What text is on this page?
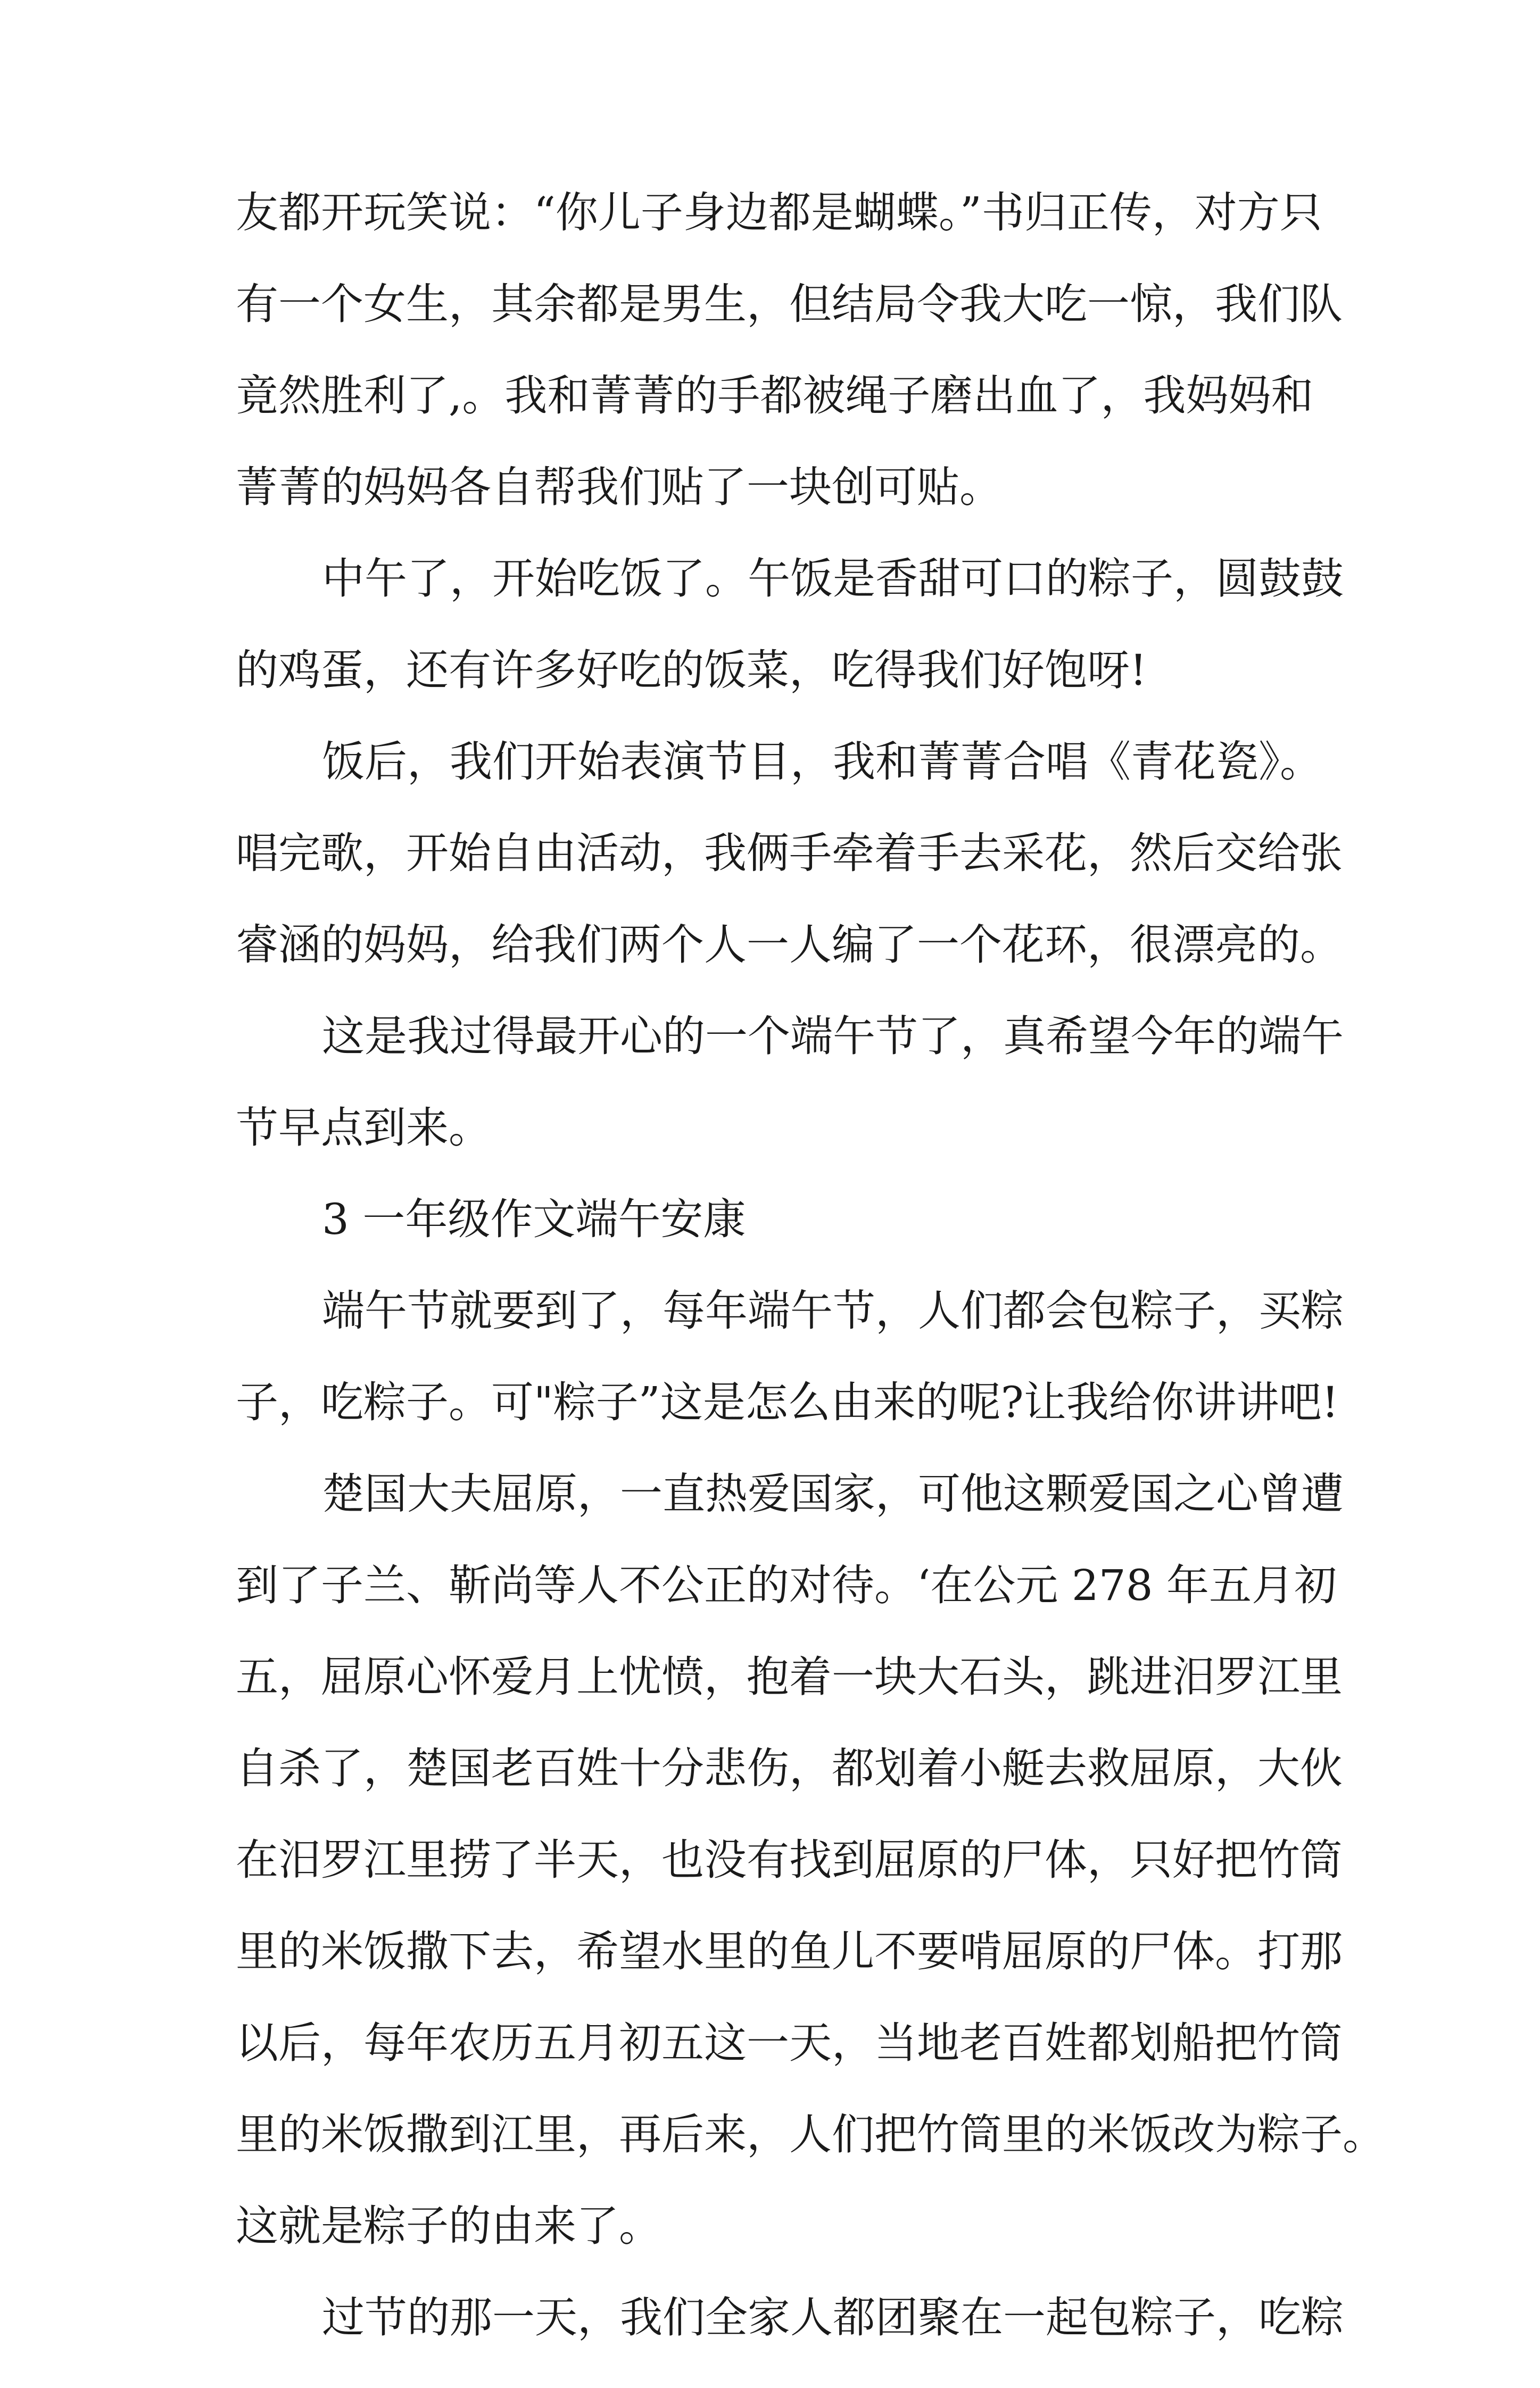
友都开玩笑说：“你儿子身边都是蝴蝶。”书归正传，对方只
有一个女生，其余都是男生，但结局令我大吃一惊，我们队
竟然胜利了,。我和菁菁的手都被绳子磨出血了，我妈妈和
菁菁的妈妈各自帮我们贴了一块创可贴。
中午了，开始吃饭了。午饭是香甜可口的粽子，圆鼓鼓
的鸡蛋，还有许多好吃的饭菜，吃得我们好饱呀!
饭后，我们开始表演节目，我和菁菁合唱《青花瓷》。
唱完歌，开始自由活动，我俩手牵着手去采花，然后交给张
睿涵的妈妈，给我们两个人一人编了一个花环，很漂亮的。
这是我过得最开心的一个端午节了，真希望今年的端午
节早点到来。
3 一年级作文端午安康
端午节就要到了，每年端午节，人们都会包粽子，买粽
子，吃粽子。可"粽子”这是怎么由来的呢?让我给你讲讲吧!
楚国大夫屈原，一直热爱国家，可他这颗爱国之心曾遭
到了子兰、靳尚等人不公正的对待。‘在公元 278 年五月初
五，屈原心怀爱月上忧愤，抱着一块大石头，跳进汨罗江里
自杀了，楚国老百姓十分悲伤，都划着小艇去救屈原，大伙
在汨罗江里捞了半天，也没有找到屈原的尸体，只好把竹筒
里的米饭撒下去，希望水里的鱼儿不要啃屈原的尸体。打那
以后，每年农历五月初五这一天，当地老百姓都划船把竹筒
里的米饭撒到江里，再后来，人们把竹筒里的米饭改为粽子。
这就是粽子的由来了。
过节的那一天，我们全家人都团聚在一起包粽子，吃粽
